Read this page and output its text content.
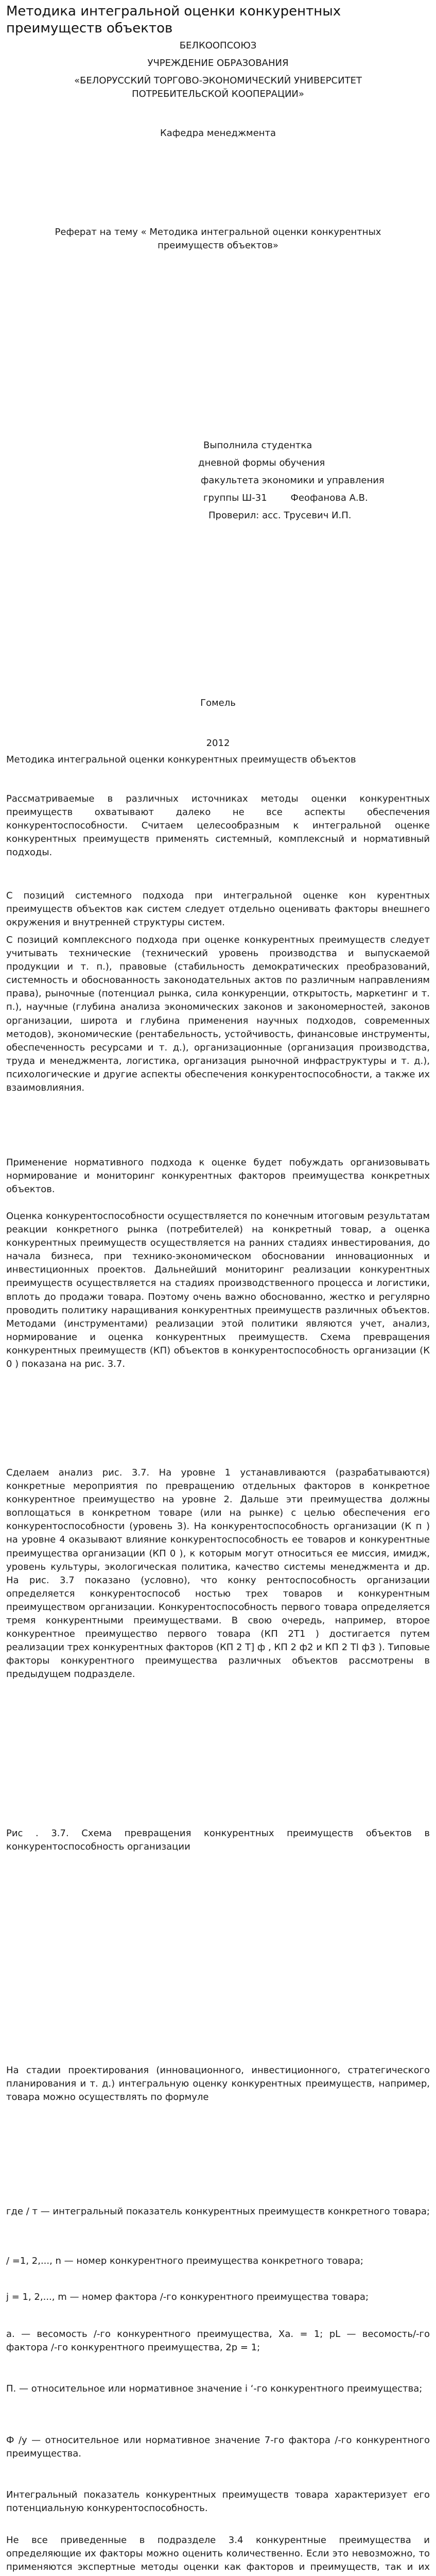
Методика интегральной оценки конкурентных преимуществ объектов

БЕЛКООПСОЮЗ

УЧРЕЖДЕНИЕ ОБРАЗОВАНИЯ

«БЕЛОРУССКИЙ ТОРГОВО-ЭКОНОМИЧЕСКИЙ УНИВЕРСИТЕТ

ПОТРЕБИТЕЛЬСКОЙ КООПЕРАЦИИ»

Кафедра менеджмента
Реферат на тему « Методика интегральной оценки конкурентных преимуществ объектов»

Выполнила студентка

дневной формы обучения

факультета экономики и управления

группы Ш-31        Феофанова А.В.

Проверил: асс. Трусевич И.П.

Гомель
2012
Методика интегральной оценки конкурентных преимуществ объектов
Рассматриваемые в различных источниках методы оценки конкурентных преимуществ охватывают далеко не все аспекты обеспечения конкурентоспособности. Считаем целесообразным к интегральной оценке конкурентных преимуществ применять системный, комплексный и нормативный подходы.
С позиций системного подхода при интегральной оценке кон курентных преимуществ объектов как систем следует отдельно оценивать факторы внешнего окружения и внутренней структуры систем.
С позиций комплексного подхода при оценке конкурентных преимуществ следует учитывать технические (технический уровень производства и выпускаемой продукции и т. п.), правовые (стабильность демократических преобразований, системность и обоснованность законодательных актов по различным направлениям права), рыночные (потенциал рынка, сила конкуренции, открытость, маркетинг и т. п.), научные (глубина анализа экономических законов и закономерностей, законов организации, широта и глубина применения научных подходов, современных методов), экономические (рентабельность, устойчивость, финансовые инструменты, обеспеченность ресурсами и т. д.), организационные (организация производства, труда и менеджмента, логистика, организация рыночной инфраструктуры и т. д.), психологические и другие аспекты обеспечения конкурентоспособности, а также их взаимовлияния.
Применение нормативного подхода к оценке будет побуждать организовывать нормирование и мониторинг конкурентных факторов преимущества конкретных объектов.
Оценка конкурентоспособности осуществляется по конечным итоговым результатам реакции конкретного рынка (потребителей) на конкретный товар, а оценка конкурентных преимуществ осуществляется на ранних стадиях инвестирования, до начала бизнеса, при технико-экономическом обосновании инновационных и инвестиционных проектов. Дальнейший мониторинг реализации конкурентных преимуществ осуществляется на стадиях производственного процесса и логистики, вплоть до продажи товара. Поэтому очень важно обоснованно, жестко и регулярно проводить политику наращивания конкурентных преимуществ различных объектов. Методами (инструментами) реализации этой политики являются учет, анализ, нормирование и оценка конкурентных преимуществ. Схема превращения конкурентных преимуществ (КП) объектов в конкурентоспособность организации (К 0 ) показана на рис. 3.7.
Сделаем анализ рис. 3.7. На уровне 1 устанавливаются (разрабатываются) конкретные мероприятия по превращению отдельных факторов в конкретное конкурентное преимущество на уровне 2. Дальше эти преимущества должны воплощаться в конкретном товаре (или на рынке) с целью обеспечения его конкурентоспособности (уровень 3). На конкурентоспособность организации (К п ) на уровне 4 оказывают влияние конкурентоспособность ее товаров и конкурентные преимущества организации (КП 0 ), к которым могут относиться ее миссия, имидж, уровень культуры, экологическая политика, качество системы менеджмента и др. На рис. 3.7 показано (условно), что конку рентоспособность организации определяется конкурентоспособ ностью трех товаров и конкурентным преимуществом организации. Конкурентоспособность первого товара определяется тремя конкурентными преимуществами. В свою очередь, например, второе конкурентное преимущество первого товара (КП 2Т1 ) достигается путем реализации трех конкурентных факторов (КП 2 Т] ф , КП 2 ф2 и КП 2 Tl ф3 ). Типовые факторы конкурентного преимущества различных объектов рассмотрены в предыдущем подразделе.
Рис . 3.7. Схема превращения конкурентных преимуществ объектов в конкурентоспособность организации
На стадии проектирования (инновационного, инвестиционного, стратегического планирования и т. д.) интегральную оценку конкурентных преимуществ, например, товара можно осуществлять по формуле
где / т — интегральный показатель конкурентных преимуществ конкретного товара;
/ =1, 2,..., n — номер конкурентного преимущества конкретного товара;
j = 1, 2,..., m — номер фактора /-го конкурентного преимущества товара;
а. — весомость /-го конкурентного преимущества, Хa. = 1; pL — весомость/-го фактора /-го конкурентного преимущества, 2p = 1;
П. — относительное или нормативное значение i ‘-го конкурентного преимущества;
Ф /у — относительное или нормативное значение 7-го фактора /-го конкурентного преимущества.
Интегральный показатель конкурентных преимуществ товара характеризует его потенциальную конкурентоспособность.
Не все приведенные в подразделе 3.4 конкурентные преимущества и определяющие их факторы можно оценить количественно. Если это невозможно, то применяются экспертные методы оценки как факторов и преимуществ, так и их
